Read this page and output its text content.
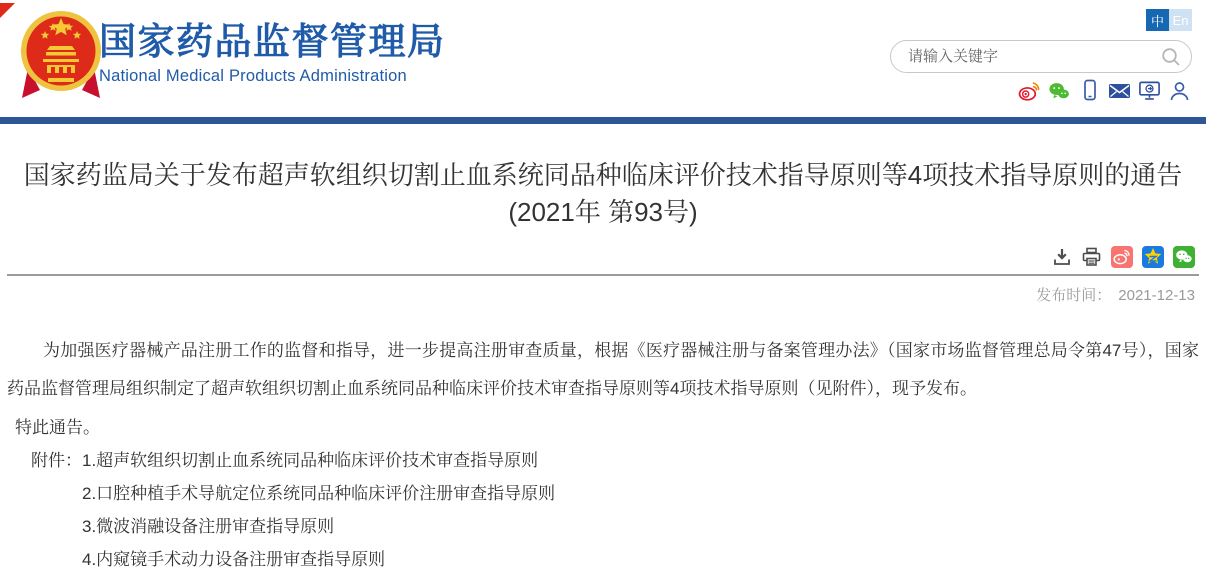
国家药品监督管理局
National Medical Products Administration
中 En
请输入关键字
国家药监局关于发布超声软组织切割止血系统同品种临床评价技术指导原则等4项技术指导原则的通告
(2021年 第93号)
发布时间： 2021-12-13

为加强医疗器械产品注册工作的监督和指导，进一步提高注册审查质量，根据《医疗器械注册与备案管理办法》（国家市场监督管理总局令第47号），国家药品监督管理局组织制定了超声软组织切割止血系统同品种临床评价技术审查指导原则等4项技术指导原则（见附件），现予发布。

特此通告。

附件： 1.超声软组织切割止血系统同品种临床评价技术审查指导原则
2.口腔种植手术导航定位系统同品种临床评价注册审查指导原则
3.微波消融设备注册审查指导原则
4.内窥镜手术动力设备注册审查指导原则
